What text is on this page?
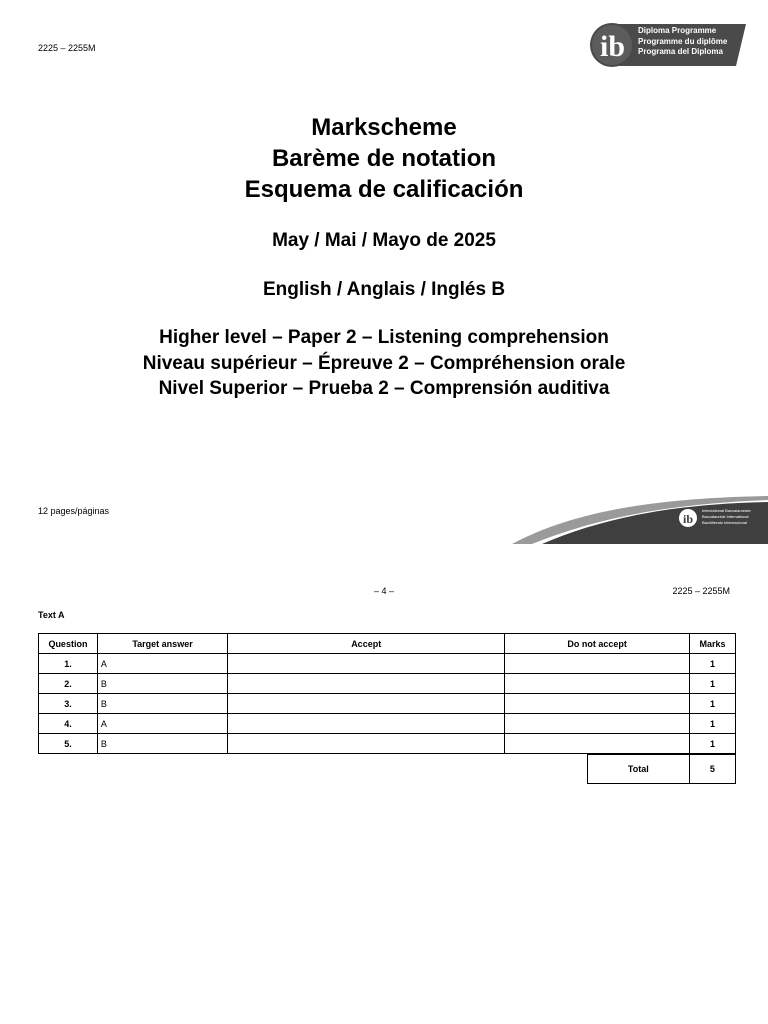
2225 – 2255M	ib Diploma Programme
Programme du diplôme
Programa del Diploma
Markscheme
Barème de notation
Esquema de calificación
May / Mai / Mayo de 2025
English / Anglais / Inglés B
Higher level – Paper 2 – Listening comprehension
Niveau supérieur – Épreuve 2 – Compréhension orale
Nivel Superior – Prueba 2 – Comprensión auditiva
12 pages/páginas
ib
International Baccalaureate
Baccalauréat International
Bachillerato Internacional
– 4 –	2225 – 2255M
Text A
Question	Target answer	Accept	Do not accept	Marks
1.	A			1
2.	B			1
3.	B			1
4.	A			1
5.	B			1
Total	5
